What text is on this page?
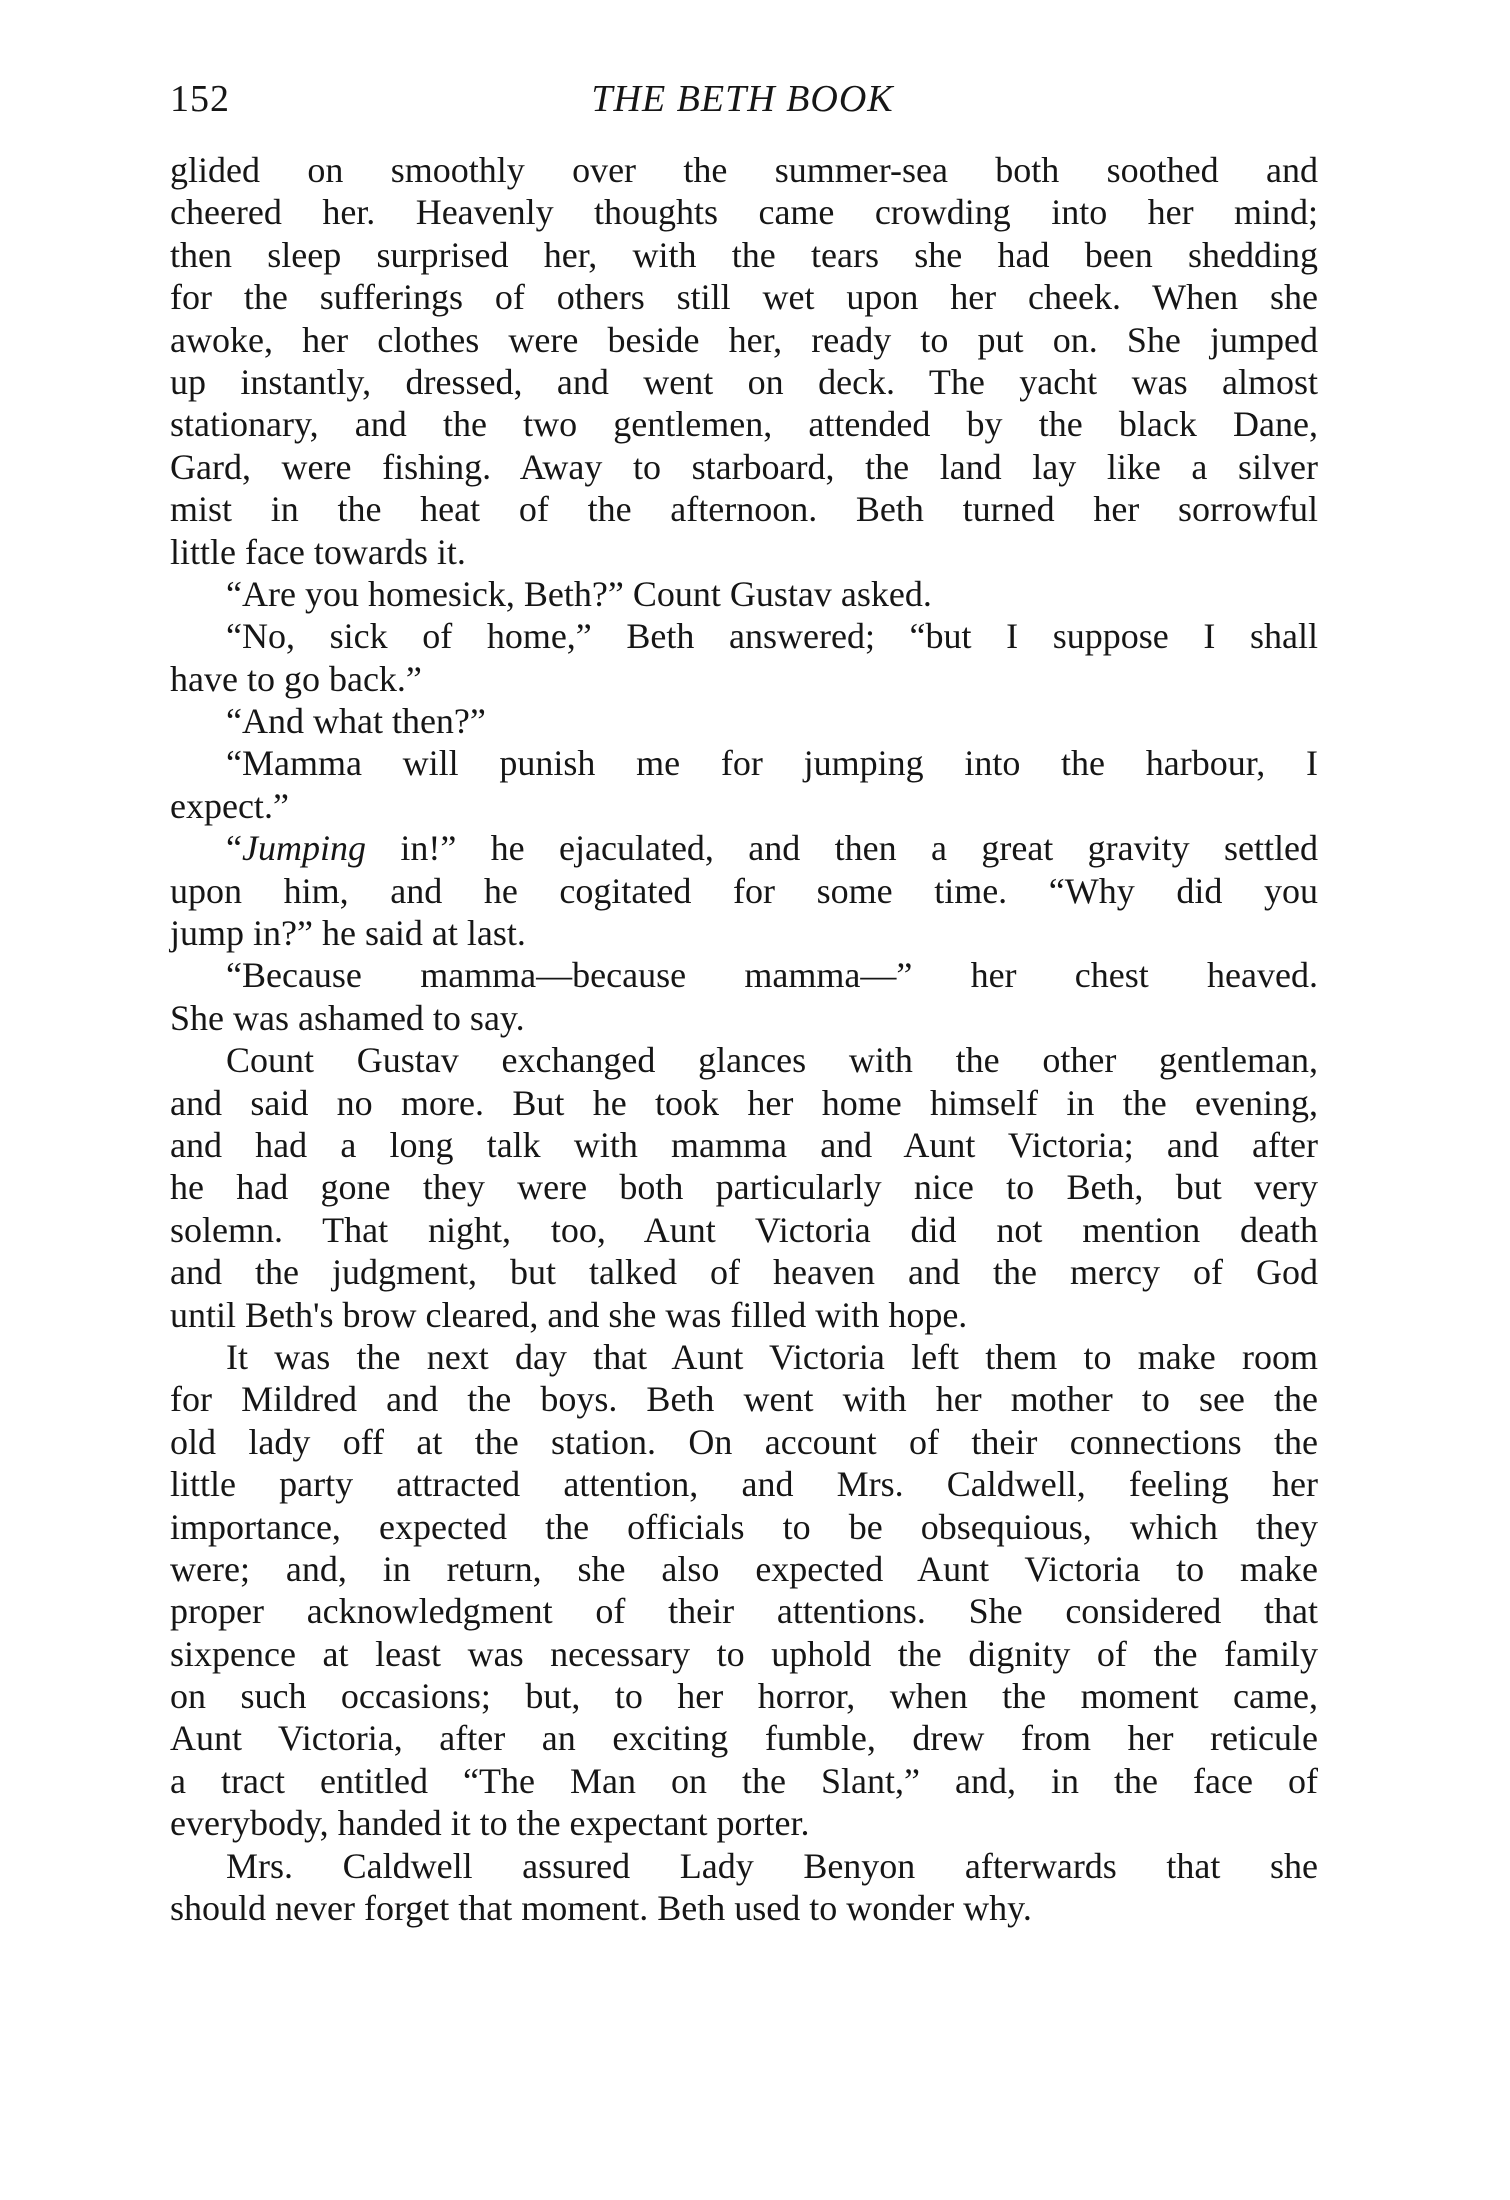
152	THE BETH BOOK
glided on smoothly over the summer-sea both soothed and
cheered her. Heavenly thoughts came crowding into her mind;
then sleep surprised her, with the tears she had been shedding
for the sufferings of others still wet upon her cheek. When she
awoke, her clothes were beside her, ready to put on. She jumped
up instantly, dressed, and went on deck. The yacht was almost
stationary, and the two gentlemen, attended by the black Dane,
Gard, were fishing. Away to starboard, the land lay like a silver
mist in the heat of the afternoon. Beth turned her sorrowful
little face towards it.
“Are you homesick, Beth?” Count Gustav asked.
“No, sick of home,” Beth answered; “but I suppose I shall
have to go back.”
“And what then?”
“Mamma will punish me for jumping into the harbour, I
expect.”
“Jumping in!” he ejaculated, and then a great gravity settled
upon him, and he cogitated for some time. “Why did you
jump in?” he said at last.
“Because mamma—because mamma—” her chest heaved.
She was ashamed to say.
Count Gustav exchanged glances with the other gentleman,
and said no more. But he took her home himself in the evening,
and had a long talk with mamma and Aunt Victoria; and after
he had gone they were both particularly nice to Beth, but very
solemn. That night, too, Aunt Victoria did not mention death
and the judgment, but talked of heaven and the mercy of God
until Beth's brow cleared, and she was filled with hope.
It was the next day that Aunt Victoria left them to make room
for Mildred and the boys. Beth went with her mother to see the
old lady off at the station. On account of their connections the
little party attracted attention, and Mrs. Caldwell, feeling her
importance, expected the officials to be obsequious, which they
were; and, in return, she also expected Aunt Victoria to make
proper acknowledgment of their attentions. She considered that
sixpence at least was necessary to uphold the dignity of the family
on such occasions; but, to her horror, when the moment came,
Aunt Victoria, after an exciting fumble, drew from her reticule
a tract entitled “The Man on the Slant,” and, in the face of
everybody, handed it to the expectant porter.
Mrs. Caldwell assured Lady Benyon afterwards that she
should never forget that moment. Beth used to wonder why.
